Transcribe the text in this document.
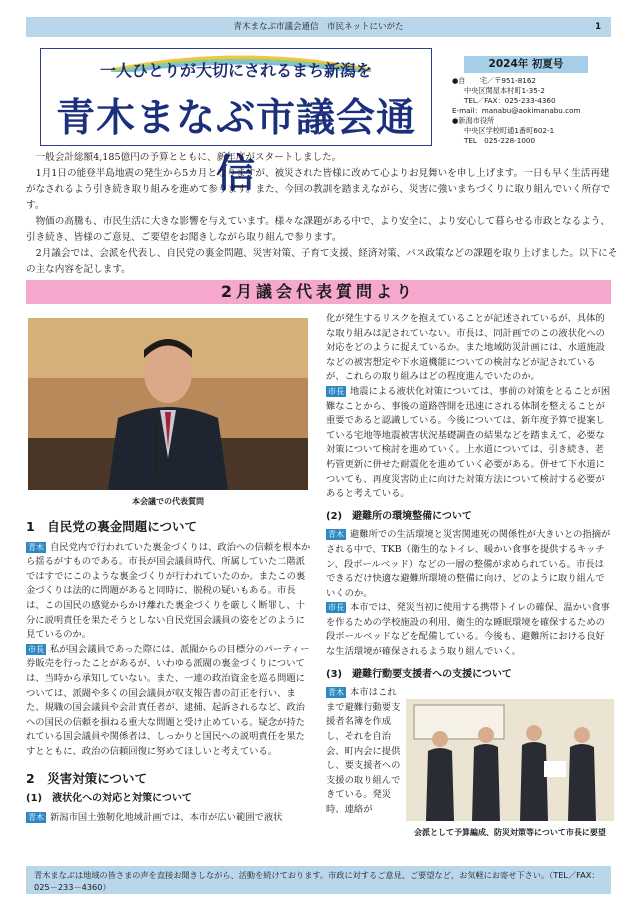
青木まなぶ市議会通信　市民ネットにいがた	1
一人ひとりが大切にされるまち新潟を
青木まなぶ市議会通信
2024年 初夏号
●自　　宅／〒951-8162
中央区関屋本村町1-35-2
TEL／FAX：025-233-4360
E-mail：manabu@aokimanabu.com
●新潟市役所
中央区学校町通1番町602-1
TEL　025-228-1000

一般会計総額4,185億円の予算とともに、新年度がスタートしました。

1月1日の能登半島地震の発生から5カ月となりますが、被災された皆様に改めて心よりお見舞いを申し上げます。一日も早く生活再建がなされるよう引き続き取り組みを進めて参ります。また、今回の教訓を踏まえながら、災害に強いまちづくりに取り組んでいく所存です。

物価の高騰も、市民生活に大きな影響を与えています。様々な課題がある中で、より安全に、より安心して暮らせる市政となるよう、引き続き、皆様のご意見、ご要望をお聞きしながら取り組んで参ります。

2月議会では、会派を代表し、自民党の裏金問題、災害対策、子育て支援、経済対策、バス政策などの課題を取り上げました。以下にその主な内容を記します。

2月議会代表質問より
本会議での代表質問
1　自民党の裏金問題について

青木 自民党内で行われていた裏金づくりは、政治への信頼を根本から揺るがすものである。市長が国会議員時代、所属していた二階派ではすでにこのような裏金づくりが行われていたのか。またこの裏金づくりは法的に問題があると同時に、脱税の疑いもある。市長は、この国民の感覚からかけ離れた裏金づくりを厳しく断罪し、十分に説明責任を果たそうとしない自民党国会議員の姿をどのように見ているのか。

市長 私が国会議員であった際には、派閥からの目標分のパーティー券販売を行ったことがあるが、いわゆる派閥の裏金づくりについては、当時から承知していない。また、一連の政治資金を巡る問題については、派閥や多くの国会議員が収支報告書の訂正を行い、また、規職の国会議員や会計責任者が、逮捕、起訴されるなど、政治への国民の信頼を損ねる重大な問題と受け止めている。疑念が持たれている国会議員や関係者は、しっかりと国民への説明責任を果たすとともに、政治の信頼回復に努めてほしいと考えている。

2　災害対策について
(1)　液状化への対応と対策について

青木 新潟市国土強靭化地域計画では、本市が広い範囲で液状

化が発生するリスクを抱えていることが記述されているが、具体的な取り組みは記されていない。市長は、同計画でのこの液状化への対応をどのように捉えているか。また地域防災計画には、水道施設などの被害想定や下水道機能についての検討などが記されているが、これらの取り組みはどの程度進んでいたのか。

市長 地震による液状化対策については、事前の対策をとることが困難なことから、事後の道路啓開を迅速にされる体制を整えることが重要であると認識している。今後については、新年度予算で提案している宅地等地震被害状況基礎調査の結果などを踏まえて、必要な対策について検討を進めていく。上水道については、引き続き、老朽管更新に併せた耐震化を進めていく必要がある。併せて下水道についても、再度災害防止に向けた対策方法について検討する必要があると考えている。

(2)　避難所の環境整備について

青木 避難所での生活環境と災害関連死の関係性が大きいとの指摘がされる中で、TKB（衛生的なトイレ、暖かい食事を提供するキッチン、段ボールベッド）などの一層の整備が求められている。市長はできるだけ快適な避難所環境の整備に向け、どのように取り組んでいくのか。

市長 本市では、発災当初に使用する携帯トイレの確保、温かい食事を作るための学校施設の利用、衛生的な睡眠環境を確保するための段ボールベッドなどを配備している。今後も、避難所における良好な生活環境が確保されるよう取り組んでいく。

(3)　避難行動要支援者への支援について

青木 本市はこれまで避難行動要支援者名簿を作成し、それを自治会、町内会に提供し、要支援者への支援の取り組んできている。発災時、連絡が

会派として予算編成、防災対策等について市長に要望
青木まなぶは地域の皆さまの声を直接お聞きしながら、活動を続けております。市政に対するご意見、ご要望など、お気軽にお寄せ下さい。（TEL／FAX：025－233－4360）
